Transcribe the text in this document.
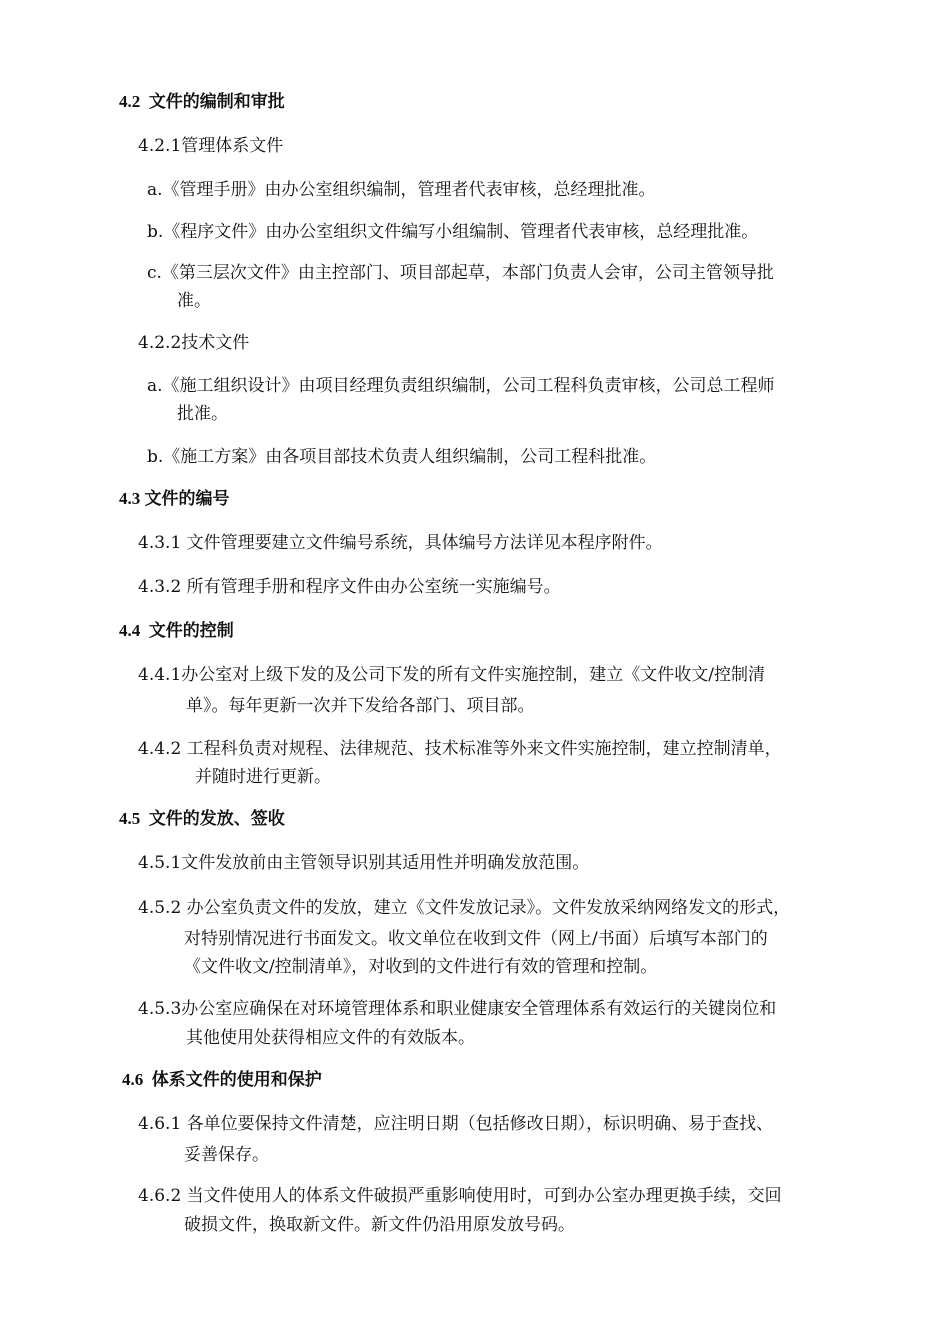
4.2 文件的编制和审批
4.2.1管理体系文件
a.《管理手册》由办公室组织编制，管理者代表审核，总经理批准。
b.《程序文件》由办公室组织文件编写小组编制、管理者代表审核，总经理批准。
c.《第三层次文件》由主控部门、项目部起草，本部门负责人会审，公司主管领导批
准。
4.2.2技术文件
a.《施工组织设计》由项目经理负责组织编制，公司工程科负责审核，公司总工程师
批准。
b.《施工方案》由各项目部技术负责人组织编制，公司工程科批准。
4.3 文件的编号
4.3.1 文件管理要建立文件编号系统，具体编号方法详见本程序附件。
4.3.2 所有管理手册和程序文件由办公室统一实施编号。
4.4 文件的控制
4.4.1办公室对上级下发的及公司下发的所有文件实施控制，建立《文件收文/控制清
单》。每年更新一次并下发给各部门、项目部。
4.4.2 工程科负责对规程、法律规范、技术标准等外来文件实施控制，建立控制清单，
并随时进行更新。
4.5 文件的发放、签收
4.5.1文件发放前由主管领导识别其适用性并明确发放范围。
4.5.2 办公室负责文件的发放，建立《文件发放记录》。文件发放采纳网络发文的形式，
对特别情况进行书面发文。收文单位在收到文件（网上/书面）后填写本部门的
《文件收文/控制清单》，对收到的文件进行有效的管理和控制。
4.5.3办公室应确保在对环境管理体系和职业健康安全管理体系有效运行的关键岗位和
其他使用处获得相应文件的有效版本。
4.6 体系文件的使用和保护
4.6.1 各单位要保持文件清楚，应注明日期（包括修改日期），标识明确、易于查找、
妥善保存。
4.6.2 当文件使用人的体系文件破损严重影响使用时，可到办公室办理更换手续，交回
破损文件，换取新文件。新文件仍沿用原发放号码。
